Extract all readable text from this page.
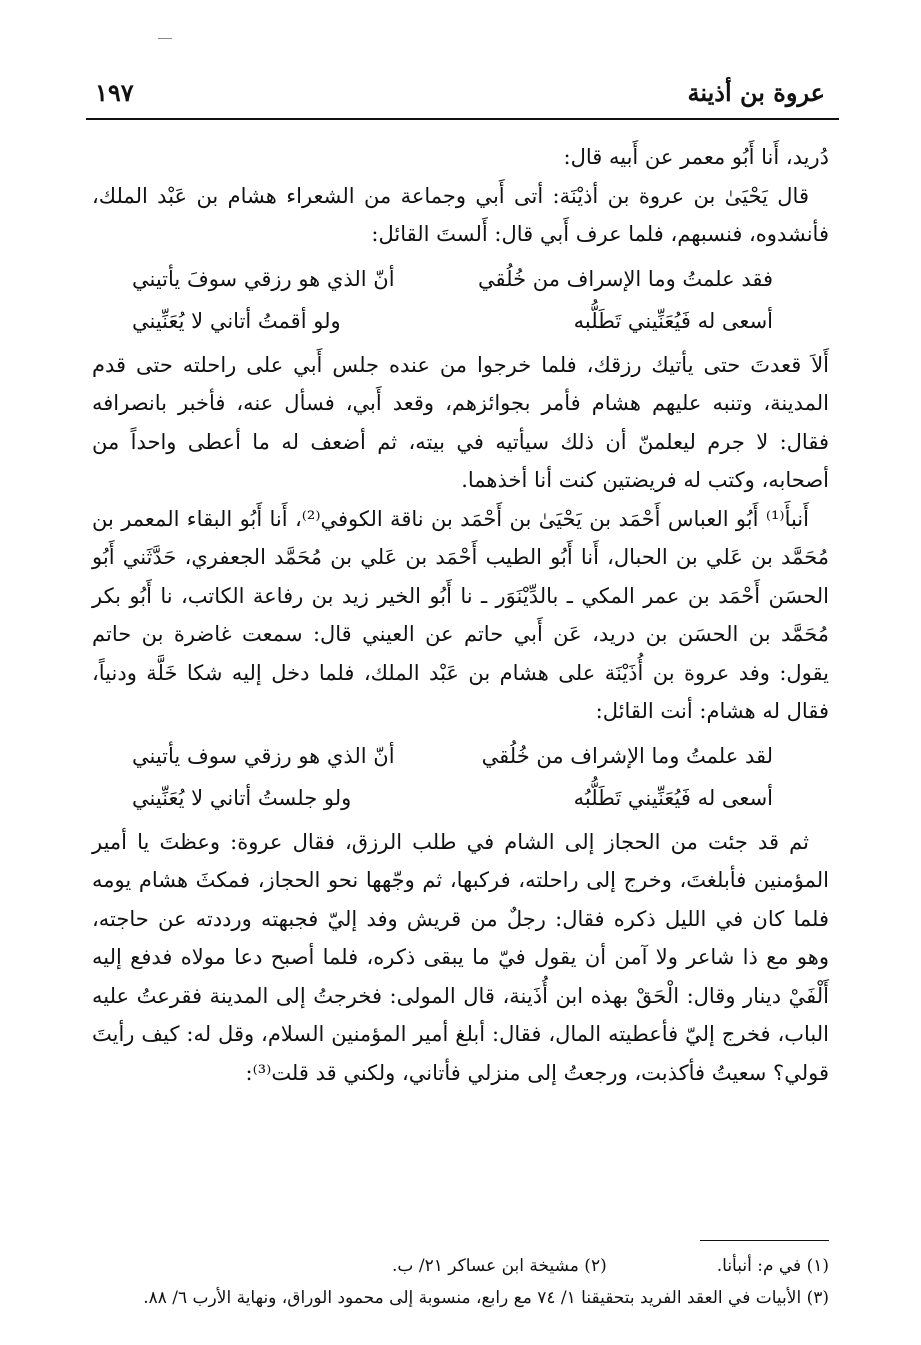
عروة بن أذينة
١٩٧

دُريد، أَنا أَبُو معمر عن أَبيه قال:

قال يَحْيَىٰ بن عروة بن أذيْنَة: أتى أَبي وجماعة من الشعراء هشام بن عَبْد الملك، فأنشدوه، فنسبهم، فلما عرف أَبي قال: أَلستَ القائل:

فقد علمتُ وما الإسراف من خُلُقي
أنّ الذي هو رزقي سوفَ يأتيني
أسعى له فَيُعَنِّيني تَطَلُّبه
ولو أقمتُ أتاني لا يُعَنِّيني

أَلاَ قعدتَ حتى يأتيك رزقك، فلما خرجوا من عنده جلس أَبي على راحلته حتى قدم المدينة، وتنبه عليهم هشام فأمر بجوائزهم، وقعد أَبي، فسأل عنه، فأخبر بانصرافه فقال: لا جرم ليعلمنّ أن ذلك سيأتيه في بيته، ثم أضعف له ما أعطى واحداً من أصحابه، وكتب له فريضتين كنت أنا أخذهما.

أَنبأَ⁽¹⁾ أَبُو العباس أَحْمَد بن يَحْيَىٰ بن أَحْمَد بن ناقة الكوفي⁽²⁾، أَنا أَبُو البقاء المعمر بن مُحَمَّد بن عَلي بن الحبال، أَنا أَبُو الطيب أَحْمَد بن عَلي بن مُحَمَّد الجعفري، حَدَّثَني أَبُو الحسَن أَحْمَد بن عمر المكي ـ بالدِّيْنَوَر ـ نا أَبُو الخير زيد بن رفاعة الكاتب، نا أَبُو بكر مُحَمَّد بن الحسَن بن دريد، عَن أَبي حاتم عن العيني قال: سمعت غاضرة بن حاتم يقول: وفد عروة بن أُذَيْنَة على هشام بن عَبْد الملك، فلما دخل إليه شكا خَلَّة ودنياً، فقال له هشام: أنت القائل:

لقد علمتُ وما الإشراف من خُلُقي
أنّ الذي هو رزقي سوف يأتيني
أسعى له فَيُعَنِّيني تَطَلُّبُه
ولو جلستُ أتاني لا يُعَنِّيني

ثم قد جئت من الحجاز إلى الشام في طلب الرزق، فقال عروة: وعظتَ يا أمير المؤمنين فأبلغتَ، وخرج إلى راحلته، فركبها، ثم وجّهها نحو الحجاز، فمكثَ هشام يومه فلما كان في الليل ذكره فقال: رجلٌ من قريش وفد إليّ فجبهته ورددته عن حاجته، وهو مع ذا شاعر ولا آمن أن يقول فيّ ما يبقى ذكره، فلما أصبح دعا مولاه فدفع إليه أَلْفَيْ دينار وقال: الْحَقْ بهذه ابن أُذَينة، قال المولى: فخرجتُ إلى المدينة فقرعتُ عليه الباب، فخرج إليّ فأعطيته المال، فقال: أبلغ أمير المؤمنين السلام، وقل له: كيف رأيتَ قولي؟ سعيتُ فأكذبت، ورجعتُ إلى منزلي فأتاني، ولكني قد قلت⁽³⁾:

(١) في م: أنبأنا.
(٢) مشيخة ابن عساكر ٢١/ ب.
(٣) الأبيات في العقد الفريد بتحقيقنا ١/ ٧٤ مع رابع، منسوبة إلى محمود الوراق، ونهاية الأرب ٦/ ٨٨.
